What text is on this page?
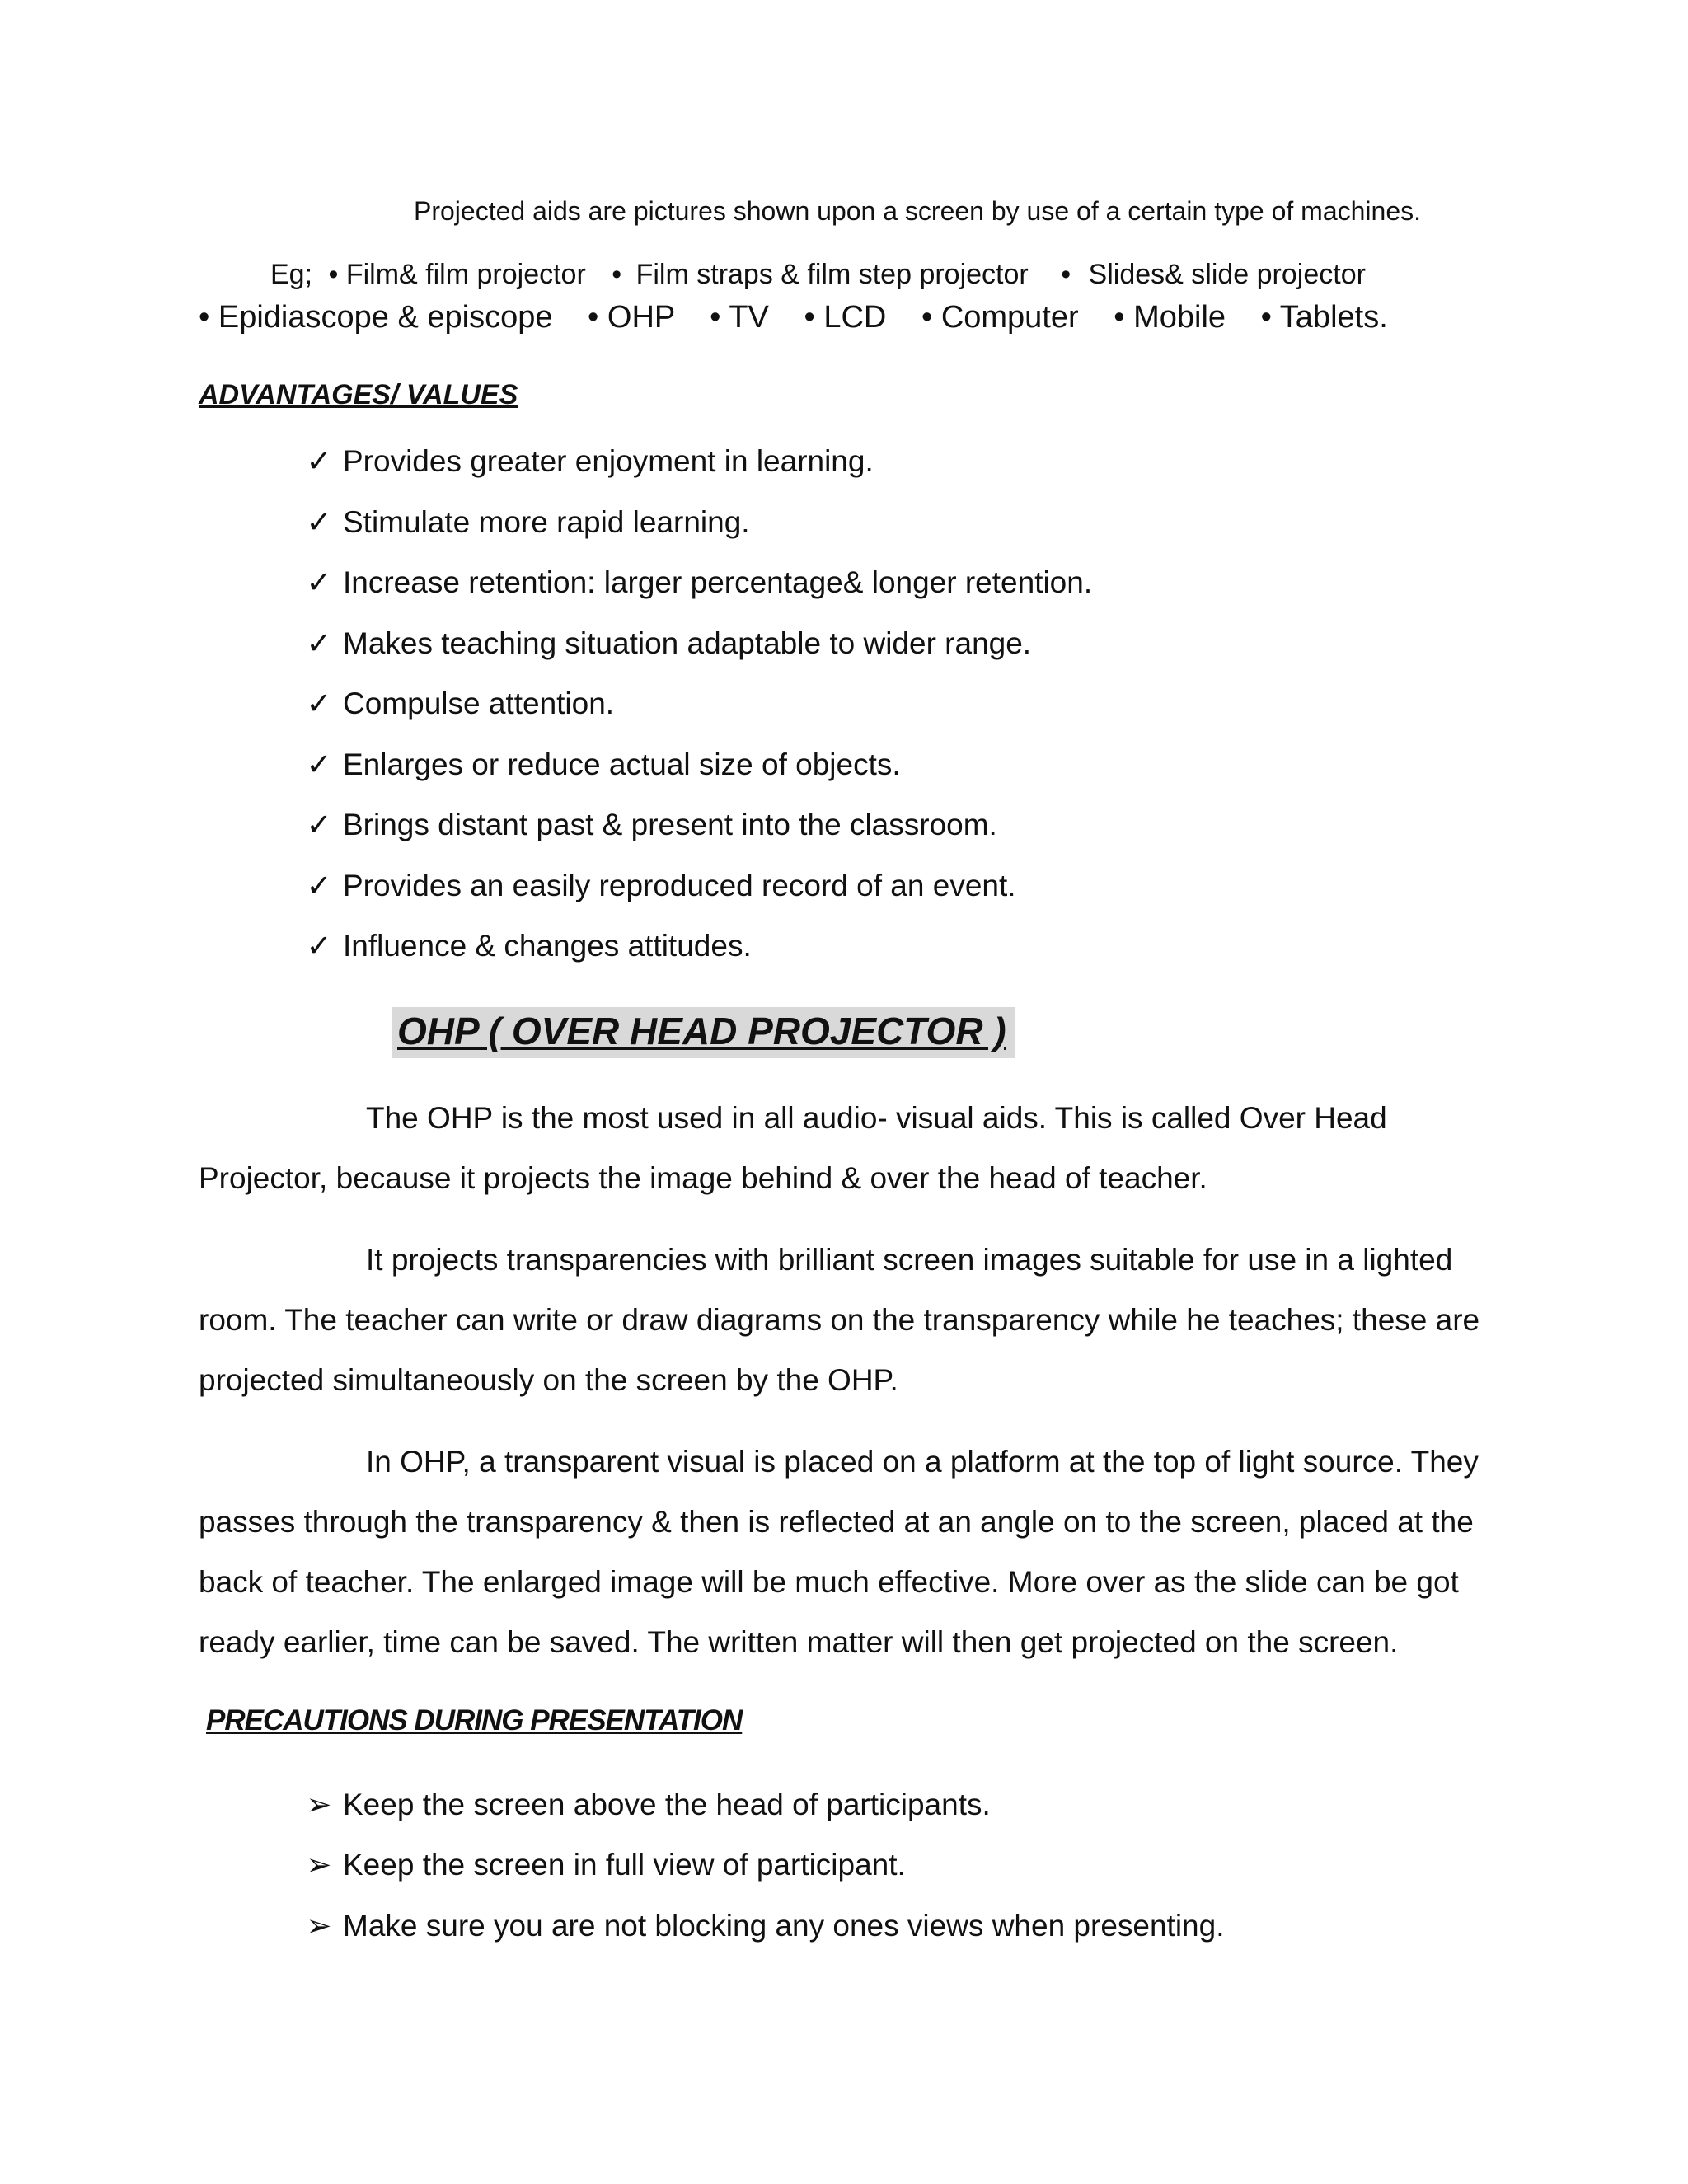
Projected aids are pictures shown upon a screen by use of a certain type of machines.
Eg; • Film& film projector • Film straps & film step projector • Slides& slide projector
• Epidiascope & episcope • OHP • TV • LCD • Computer • Mobile • Tablets.
ADVANTAGES/ VALUES
✓ Provides greater enjoyment in learning.
✓ Stimulate more rapid learning.
✓ Increase retention: larger percentage& longer retention.
✓ Makes teaching situation adaptable to wider range.
✓ Compulse attention.
✓ Enlarges or reduce actual size of objects.
✓ Brings distant past & present into the classroom.
✓ Provides an easily reproduced record of an event.
✓ Influence & changes attitudes.
OHP ( OVER HEAD PROJECTOR )
The OHP is the most used in all audio- visual aids. This is called Over Head Projector, because it projects the image behind & over the head of teacher.
It projects transparencies with brilliant screen images suitable for use in a lighted room. The teacher can write or draw diagrams on the transparency while he teaches; these are projected simultaneously on the screen by the OHP.
In OHP, a transparent visual is placed on a platform at the top of light source. They passes through the transparency & then is reflected at an angle on to the screen, placed at the back of teacher. The enlarged image will be much effective. More over as the slide can be got ready earlier, time can be saved. The written matter will then get projected on the screen.
PRECAUTIONS DURING PRESENTATION
➢ Keep the screen above the head of participants.
➢ Keep the screen in full view of participant.
➢ Make sure you are not blocking any ones views when presenting.
